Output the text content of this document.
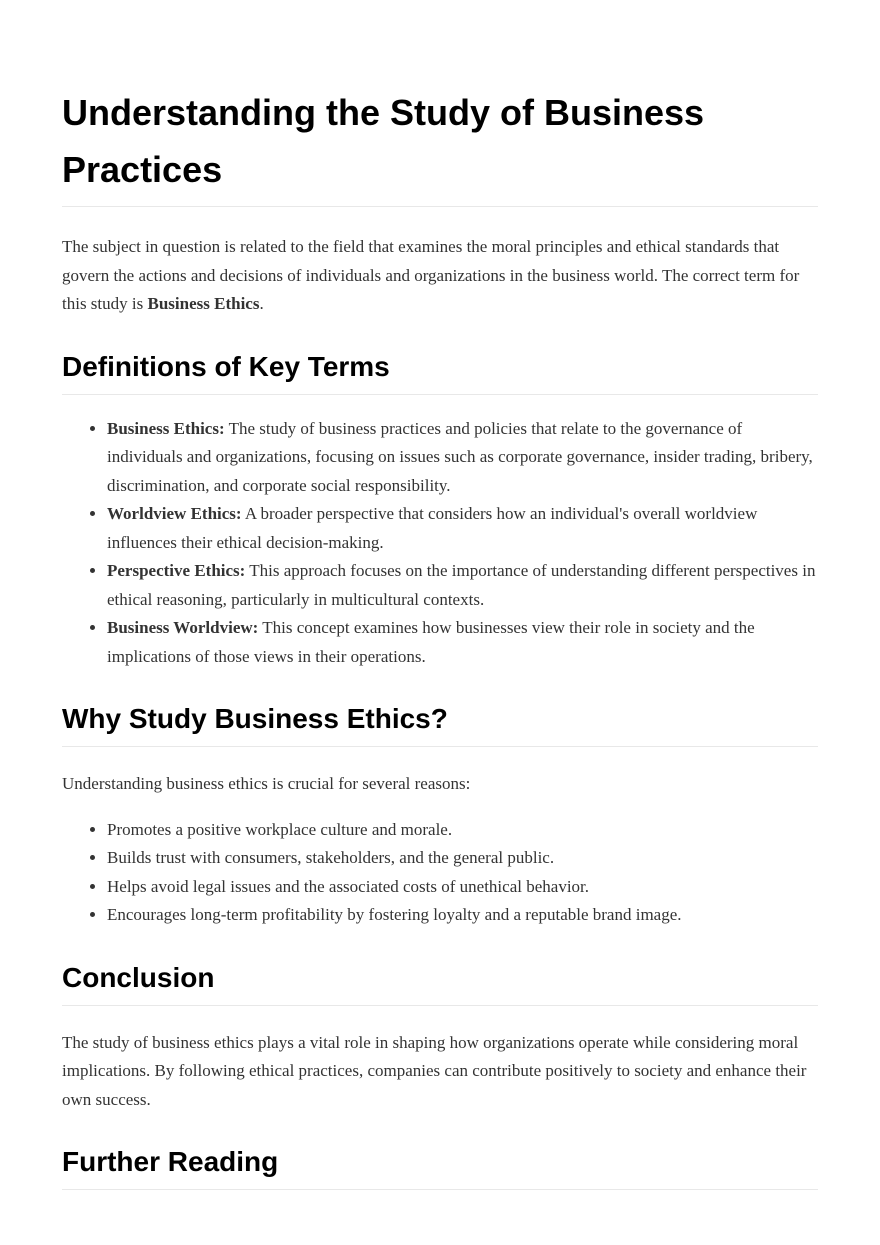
Understanding the Study of Business Practices

The subject in question is related to the field that examines the moral principles and ethical standards that govern the actions and decisions of individuals and organizations in the business world. The correct term for this study is Business Ethics.

Definitions of Key Terms
• Business Ethics: The study of business practices and policies that relate to the governance of individuals and organizations, focusing on issues such as corporate governance, insider trading, bribery, discrimination, and corporate social responsibility.
• Worldview Ethics: A broader perspective that considers how an individual's overall worldview influences their ethical decision-making.
• Perspective Ethics: This approach focuses on the importance of understanding different perspectives in ethical reasoning, particularly in multicultural contexts.
• Business Worldview: This concept examines how businesses view their role in society and the implications of those views in their operations.
Why Study Business Ethics?

Understanding business ethics is crucial for several reasons:

• Promotes a positive workplace culture and morale.
• Builds trust with consumers, stakeholders, and the general public.
• Helps avoid legal issues and the associated costs of unethical behavior.
• Encourages long-term profitability by fostering loyalty and a reputable brand image.
Conclusion

The study of business ethics plays a vital role in shaping how organizations operate while considering moral implications. By following ethical practices, companies can contribute positively to society and enhance their own success.

Further Reading
